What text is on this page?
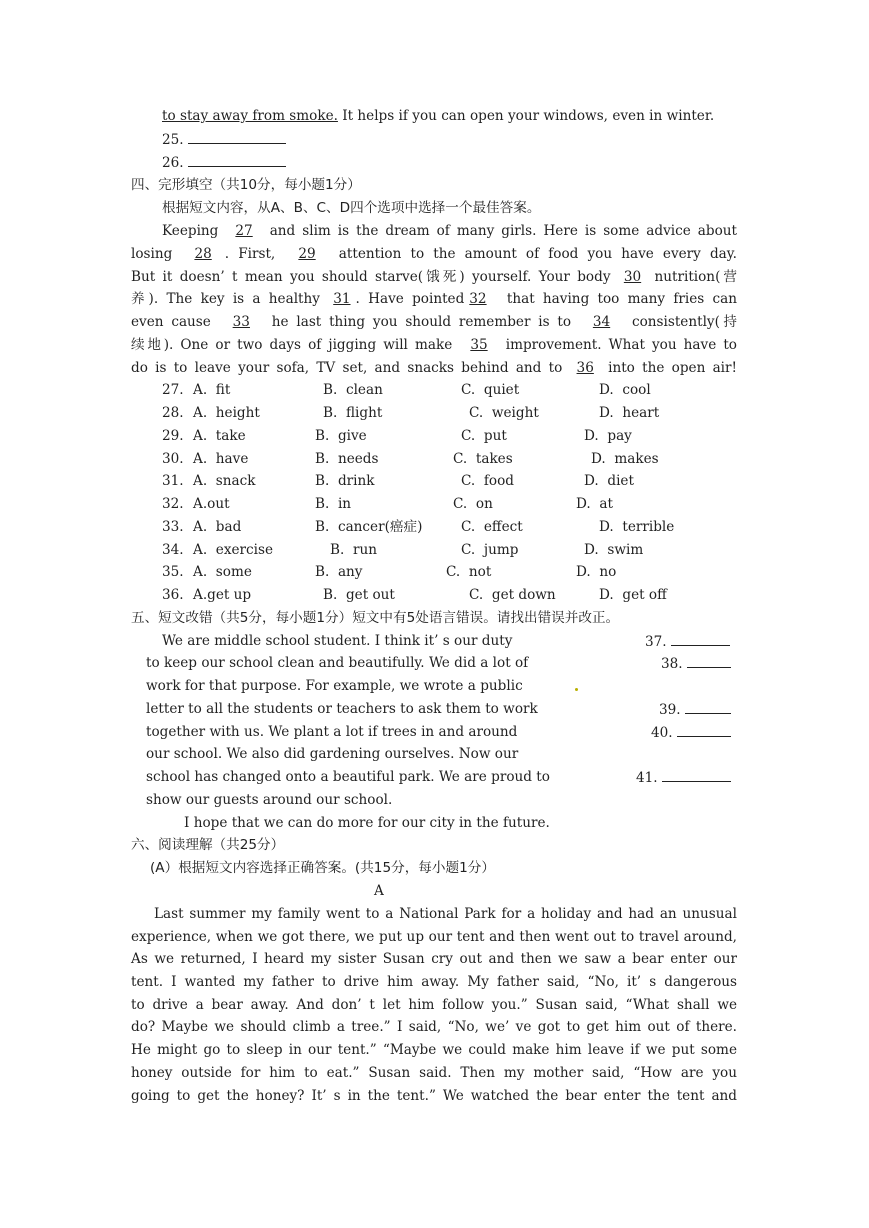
to stay away from smoke. It helps if you can open your windows, even in winter.
25.
26.
四、完形填空（共10分，每小题1分）
根据短文内容，从A、B、C、D四个选项中选择一个最佳答案。
Keeping 27 and slim is the dream of many girls. Here is some advice about
losing 28 . First, 29 attention to the amount of food you have every day.
But it doesn’ t mean you should starve(饿死) yourself. Your body 30 nutrition(营
养). The key is a healthy 31 . Have pointed 32 that having too many fries can
even cause 33 he last thing you should remember is to 34 consistently(持
续地). One or two days of jigging will make 35 improvement. What you have to
do is to leave your sofa, TV set, and snacks behind and to 36 into the open air!
27. A.  fit	B.  clean	C.  quiet	D.  cool
28. A.  height	B.  flight	C.  weight	D.  heart
29. A.  take	B.  give	C.  put	D.  pay
30. A.  have	B.  needs	C.  takes	D.  makes
31. A.  snack	B.  drink	C.  food	D.  diet
32. A.out	B.  in	C.  on	D.  at
33. A.  bad	B.  cancer(癌症)	C.  effect	D.  terrible
34. A.  exercise	B.  run	C.  jump	D.  swim
35. A.  some	B.  any	C.  not	D.  no
36. A.get up	B.  get out	C.  get down	D.  get off
五、短文改错（共5分，每小题1分）短文中有5处语言错误。请找出错误并改正。
We are middle school student. I think it’ s our duty
to keep our school clean and beautifully. We did a lot of
work for that purpose. For example, we wrote a public
letter to all the students or teachers to ask them to work
together with us. We plant a lot if trees in and around
our school. We also did gardening ourselves. Now our
school has changed onto a beautiful park. We are proud to
show our guests around our school.
I hope that we can do more for our city in the future.
37.
38.
39.
40.
41.
六、阅读理解（共25分）
(A）根据短文内容选择正确答案。(共15分，每小题1分）
A
Last summer my family went to a National Park for a holiday and had an unusual
experience, when we got there, we put up our tent and then went out to travel around,
As we returned, I heard my sister Susan cry out and then we saw a bear enter our
tent. I wanted my father to drive him away. My father said, “No, it’ s dangerous
to drive a bear away. And don’ t let him follow you.” Susan said, “What shall we
do? Maybe we should climb a tree.” I said, “No, we’ ve got to get him out of there.
He might go to sleep in our tent.” “Maybe we could make him leave if we put some
honey outside for him to eat.” Susan said. Then my mother said, “How are you
going to get the honey? It’ s in the tent.” We watched the bear enter the tent and
